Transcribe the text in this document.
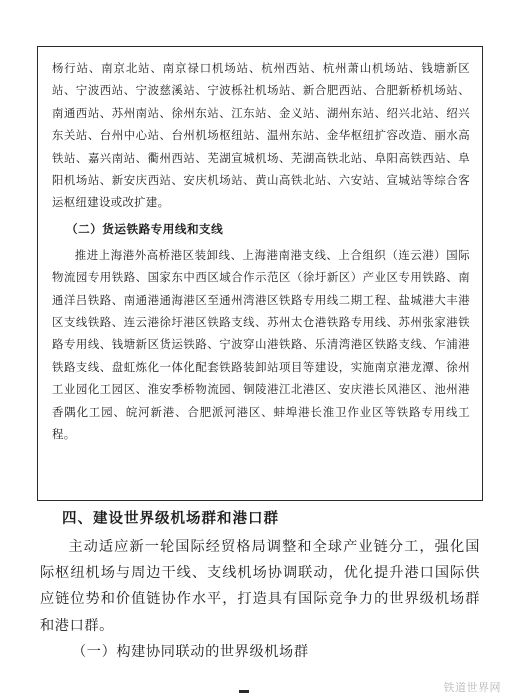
杨行站、南京北站、南京禄口机场站、杭州西站、杭州萧山机场站、钱塘新区站、宁波西站、宁波慈溪站、宁波栎社机场站、新合肥西站、合肥新桥机场站、南通西站、苏州南站、徐州东站、江东站、金义站、湖州东站、绍兴北站、绍兴东关站、台州中心站、台州机场枢纽站、温州东站、金华枢纽扩容改造、丽水高铁站、嘉兴南站、衢州西站、芜湖宣城机场、芜湖高铁北站、阜阳高铁西站、阜阳机场站、新安庆西站、安庆机场站、黄山高铁北站、六安站、宣城站等综合客运枢纽建设或改扩建。

（二）货运铁路专用线和支线

推进上海港外高桥港区装卸线、上海港南港支线、上合组织（连云港）国际物流园专用铁路、国家东中西区域合作示范区（徐圩新区）产业区专用铁路、南通洋吕铁路、南通港通海港区至通州湾港区铁路专用线二期工程、盐城港大丰港区支线铁路、连云港徐圩港区铁路支线、苏州太仓港铁路专用线、苏州张家港铁路专用线、钱塘新区货运铁路、宁波穿山港铁路、乐清湾港区铁路支线、乍浦港铁路支线、盘虹炼化一体化配套铁路装卸站项目等建设，实施南京港龙潭、徐州工业园化工园区、淮安季桥物流园、铜陵港江北港区、安庆港长风港区、池州港香隅化工园、皖河新港、合肥派河港区、蚌埠港长淮卫作业区等铁路专用线工程。

四、建设世界级机场群和港口群

主动适应新一轮国际经贸格局调整和全球产业链分工，强化国际枢纽机场与周边干线、支线机场协调联动，优化提升港口国际供应链位势和价值链协作水平，打造具有国际竞争力的世界级机场群和港口群。

（一）构建协同联动的世界级机场群

铁道世界网
